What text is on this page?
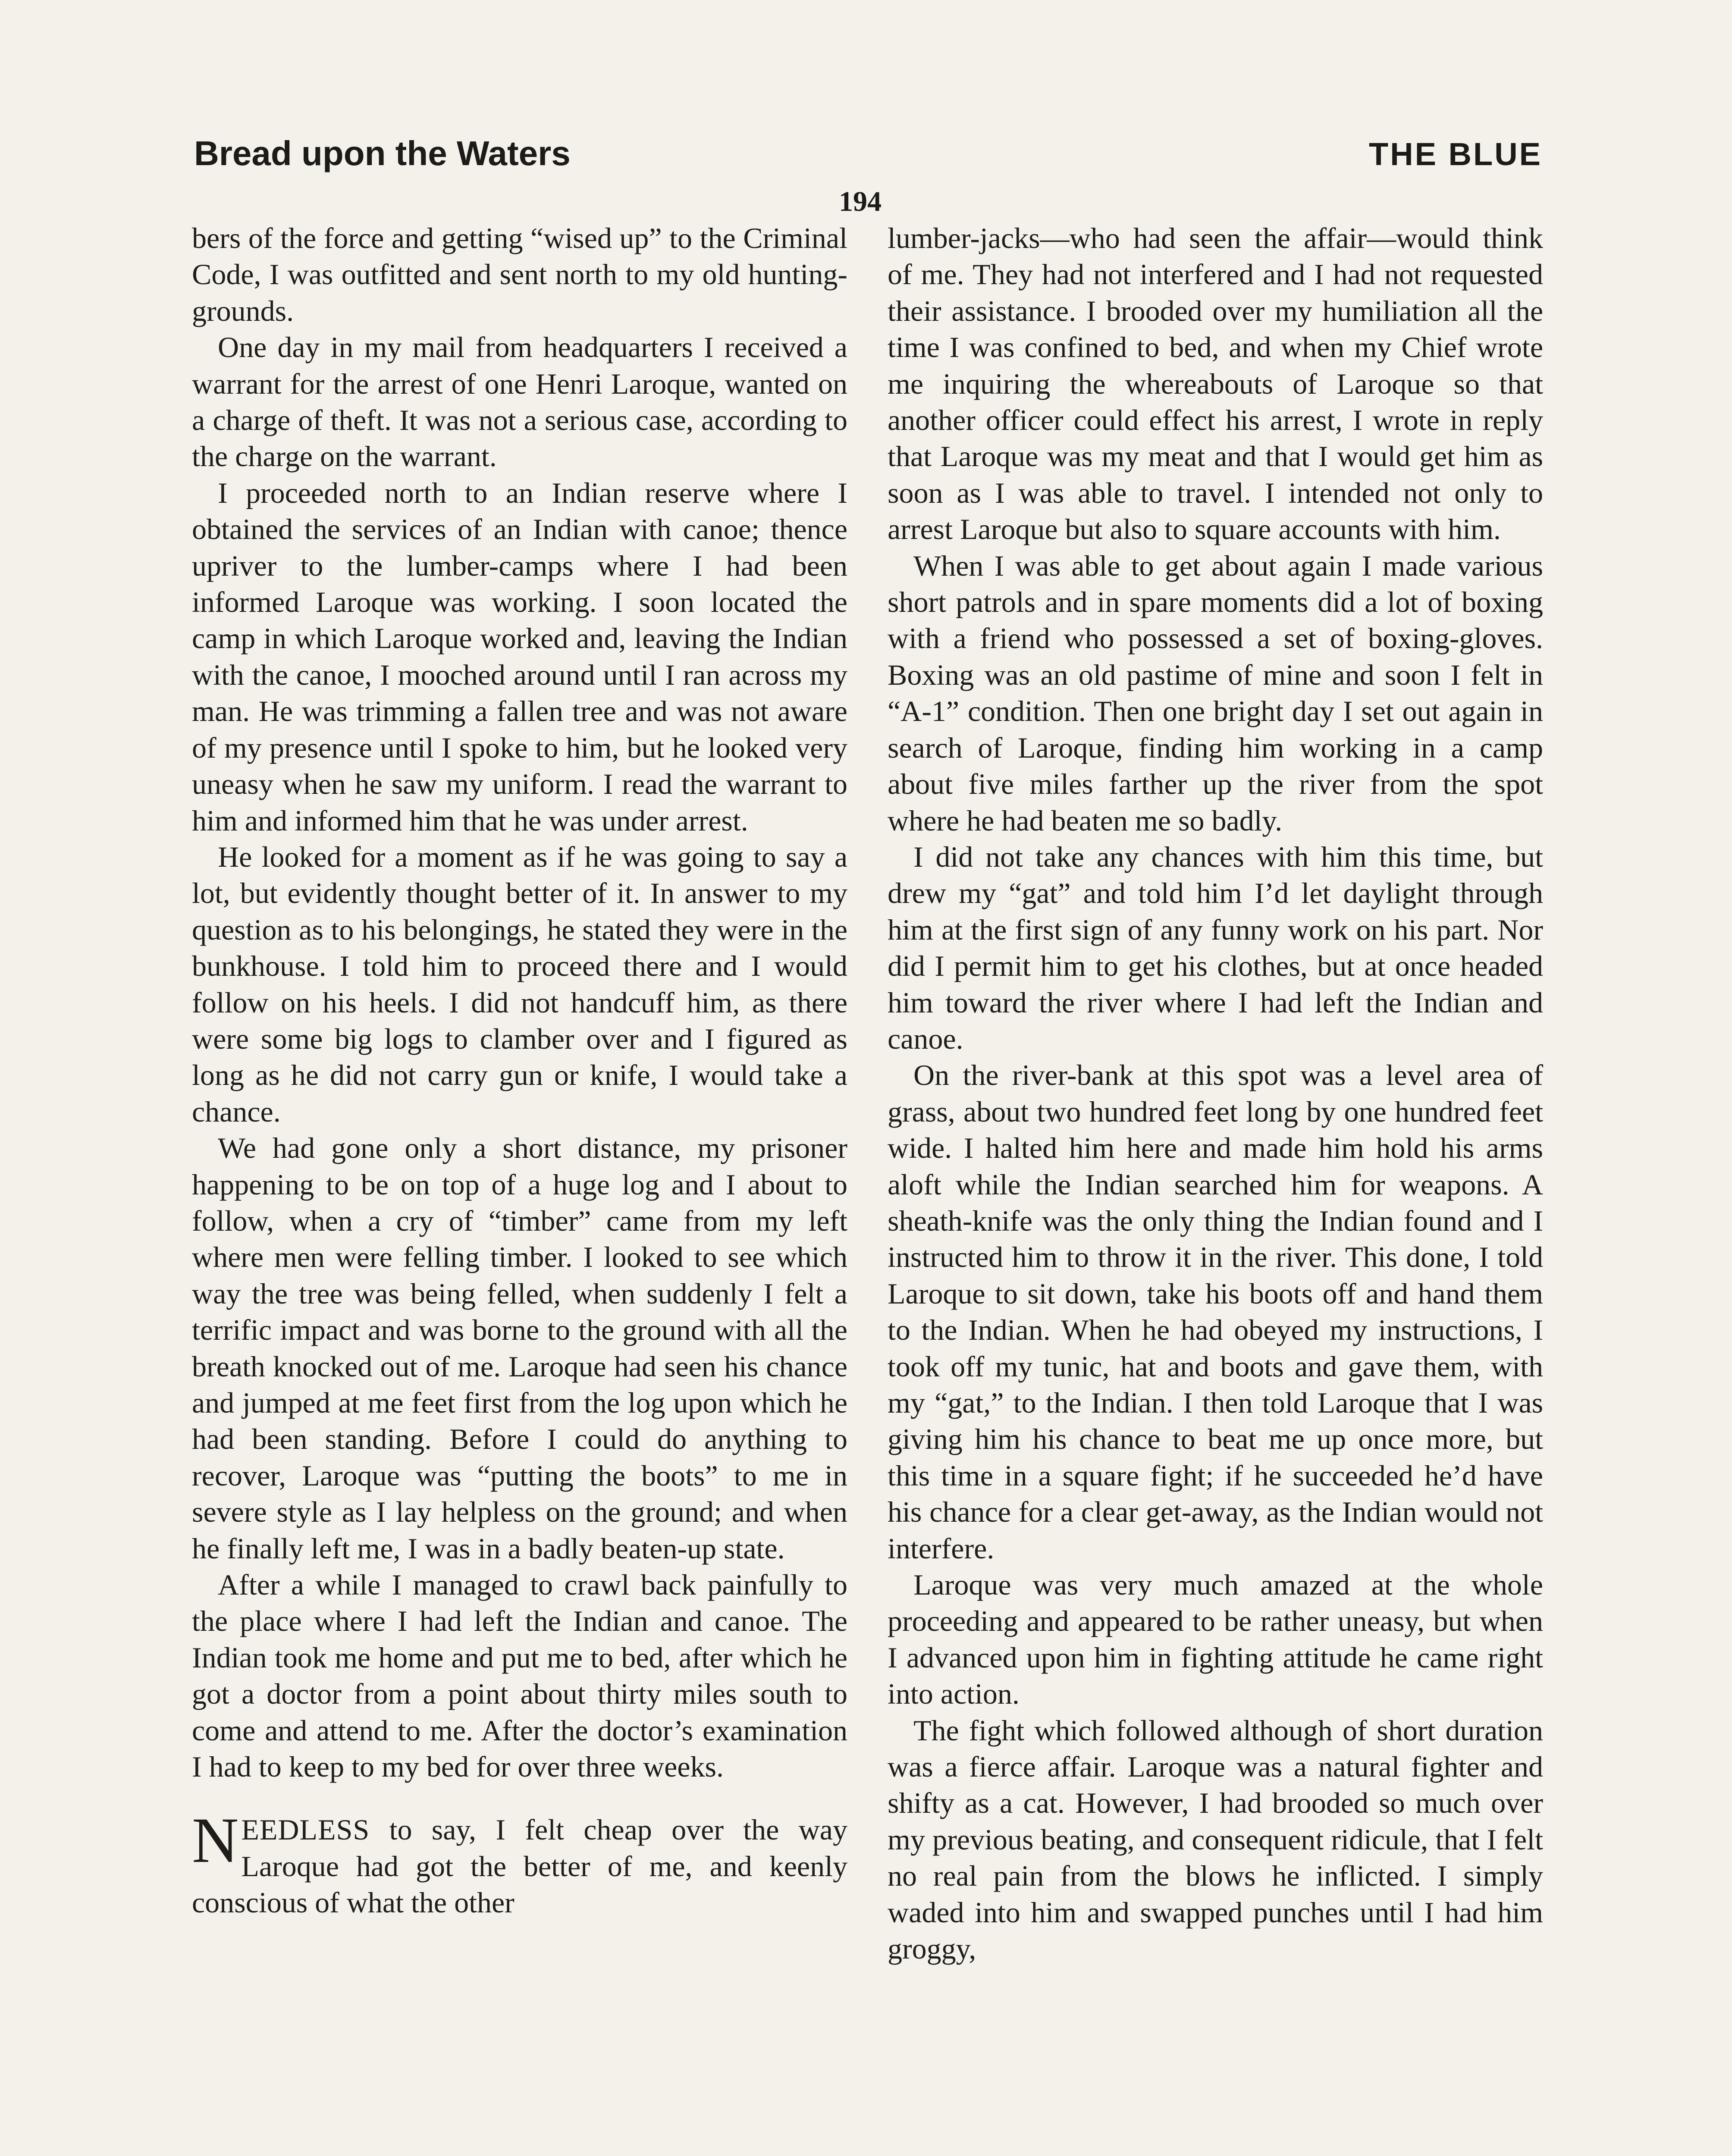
Bread upon the Waters	THE BLUE
194

bers of the force and getting “wised up” to the Criminal Code, I was outfitted and sent north to my old hunting-grounds.

One day in my mail from headquarters I received a warrant for the arrest of one Henri Laroque, wanted on a charge of theft. It was not a serious case, according to the charge on the warrant.

I proceeded north to an Indian reserve where I obtained the services of an Indian with canoe; thence upriver to the lumber-camps where I had been informed Laroque was working. I soon located the camp in which Laroque worked and, leaving the Indian with the canoe, I mooched around until I ran across my man. He was trimming a fallen tree and was not aware of my presence until I spoke to him, but he looked very uneasy when he saw my uniform. I read the warrant to him and informed him that he was under arrest.

He looked for a moment as if he was going to say a lot, but evidently thought better of it. In answer to my question as to his belongings, he stated they were in the bunkhouse. I told him to proceed there and I would follow on his heels. I did not handcuff him, as there were some big logs to clamber over and I figured as long as he did not carry gun or knife, I would take a chance.

We had gone only a short distance, my prisoner happening to be on top of a huge log and I about to follow, when a cry of “timber” came from my left where men were felling timber. I looked to see which way the tree was being felled, when suddenly I felt a terrific impact and was borne to the ground with all the breath knocked out of me. Laroque had seen his chance and jumped at me feet first from the log upon which he had been standing. Before I could do anything to recover, Laroque was “putting the boots” to me in severe style as I lay helpless on the ground; and when he finally left me, I was in a badly beaten-up state.

After a while I managed to crawl back painfully to the place where I had left the Indian and canoe. The Indian took me home and put me to bed, after which he got a doctor from a point about thirty miles south to come and attend to me. After the doctor’s examination I had to keep to my bed for over three weeks.

NEEDLESS to say, I felt cheap over the way Laroque had got the better of me, and keenly conscious of what the other

lumber-jacks—who had seen the affair—would think of me. They had not interfered and I had not requested their assistance. I brooded over my humiliation all the time I was confined to bed, and when my Chief wrote me inquiring the whereabouts of Laroque so that another officer could effect his arrest, I wrote in reply that Laroque was my meat and that I would get him as soon as I was able to travel. I intended not only to arrest Laroque but also to square accounts with him.

When I was able to get about again I made various short patrols and in spare moments did a lot of boxing with a friend who possessed a set of boxing-gloves. Boxing was an old pastime of mine and soon I felt in “A-1” condition. Then one bright day I set out again in search of Laroque, finding him working in a camp about five miles farther up the river from the spot where he had beaten me so badly.

I did not take any chances with him this time, but drew my “gat” and told him I’d let daylight through him at the first sign of any funny work on his part. Nor did I permit him to get his clothes, but at once headed him toward the river where I had left the Indian and canoe.

On the river-bank at this spot was a level area of grass, about two hundred feet long by one hundred feet wide. I halted him here and made him hold his arms aloft while the Indian searched him for weapons. A sheath-knife was the only thing the Indian found and I instructed him to throw it in the river. This done, I told Laroque to sit down, take his boots off and hand them to the Indian. When he had obeyed my instructions, I took off my tunic, hat and boots and gave them, with my “gat,” to the Indian. I then told Laroque that I was giving him his chance to beat me up once more, but this time in a square fight; if he succeeded he’d have his chance for a clear get-away, as the Indian would not interfere.

Laroque was very much amazed at the whole proceeding and appeared to be rather uneasy, but when I advanced upon him in fighting attitude he came right into action.

The fight which followed although of short duration was a fierce affair. Laroque was a natural fighter and shifty as a cat. However, I had brooded so much over my previous beating, and consequent ridicule, that I felt no real pain from the blows he inflicted. I simply waded into him and swapped punches until I had him groggy,
